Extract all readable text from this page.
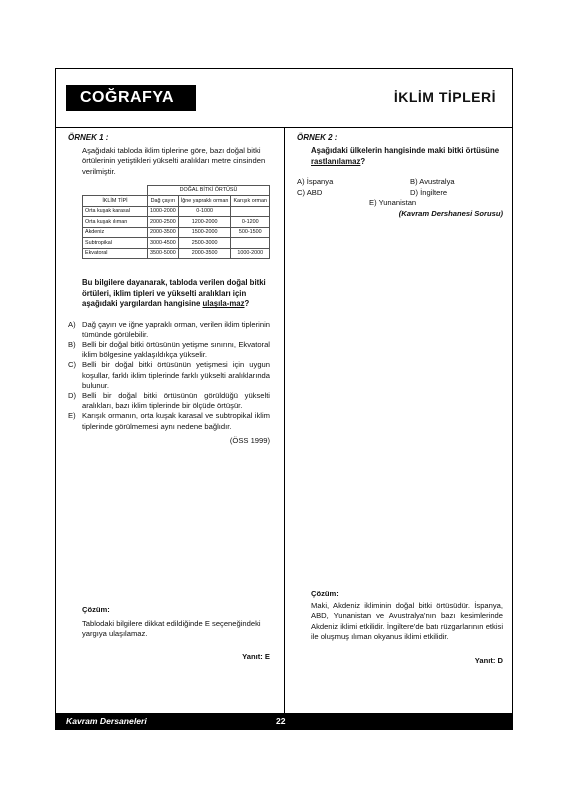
COĞRAFYA	İKLİM TİPLERİ
ÖRNEK 1 :
Aşağıdaki tabloda iklim tiplerine göre, bazı doğal bitki örtülerinin yetiştikleri yükselti aralıkları metre cinsinden verilmiştir.
	DOĞAL BİTKİ ÖRTÜSÜ		
İKLİM TİPİ	Dağ çayırı	İğne yapraklı orman	Karışık orman
Orta kuşak karasal	1000-2000	0-1000	
Orta kuşak ılıman	2000-2500	1200-2000	0-1200
Akdeniz	2000-3500	1500-2000	500-1500
Subtropikal	3000-4500	2500-3000	
Ekvatoral	3500-5000	2000-3500	1000-2000
Bu bilgilere dayanarak, tabloda verilen doğal bitki örtüleri, iklim tipleri ve yükselti aralıkları için aşağıdaki yargılardan hangisine ulaşıla-maz?
A) Dağ çayırı ve iğne yapraklı orman, verilen iklim tiplerinin tümünde görülebilir.
B) Belli bir doğal bitki örtüsünün yetişme sınırını, Ekvatoral iklim bölgesine yaklaşıldıkça yükselir.
C) Belli bir doğal bitki örtüsünün yetişmesi için uygun koşullar, farklı iklim tiplerinde farklı yükselti aralıklarında bulunur.
D) Belli bir doğal bitki örtüsünün görüldüğü yükselti aralıkları, bazı iklim tiplerinde bir ölçüde örtüşür.
E) Karışık ormanın, orta kuşak karasal ve subtropikal iklim tiplerinde görülmemesi aynı nedene bağlıdır.
(ÖSS 1999)
Çözüm:
Tablodaki bilgilere dikkat edildiğinde E seçeneğindeki yargıya ulaşılamaz.
Yanıt: E
ÖRNEK 2 :
Aşağıdaki ülkelerin hangisinde maki bitki örtüsüne rastlanılamaz?
A) İspanya	B) Avustralya
C) ABD	D) İngiltere
E) Yunanistan
(Kavram Dershanesi Sorusu)
Çözüm:
Maki, Akdeniz ikliminin doğal bitki örtüsüdür. İspanya, ABD, Yunanistan ve Avustralya'nın bazı kesimlerinde Akdeniz iklimi etkilidir. İngiltere'de batı rüzgarlarının etkisi ile oluşmuş ılıman okyanus iklimi etkilidir.
Yanıt: D
Kavram Dersaneleri	22
